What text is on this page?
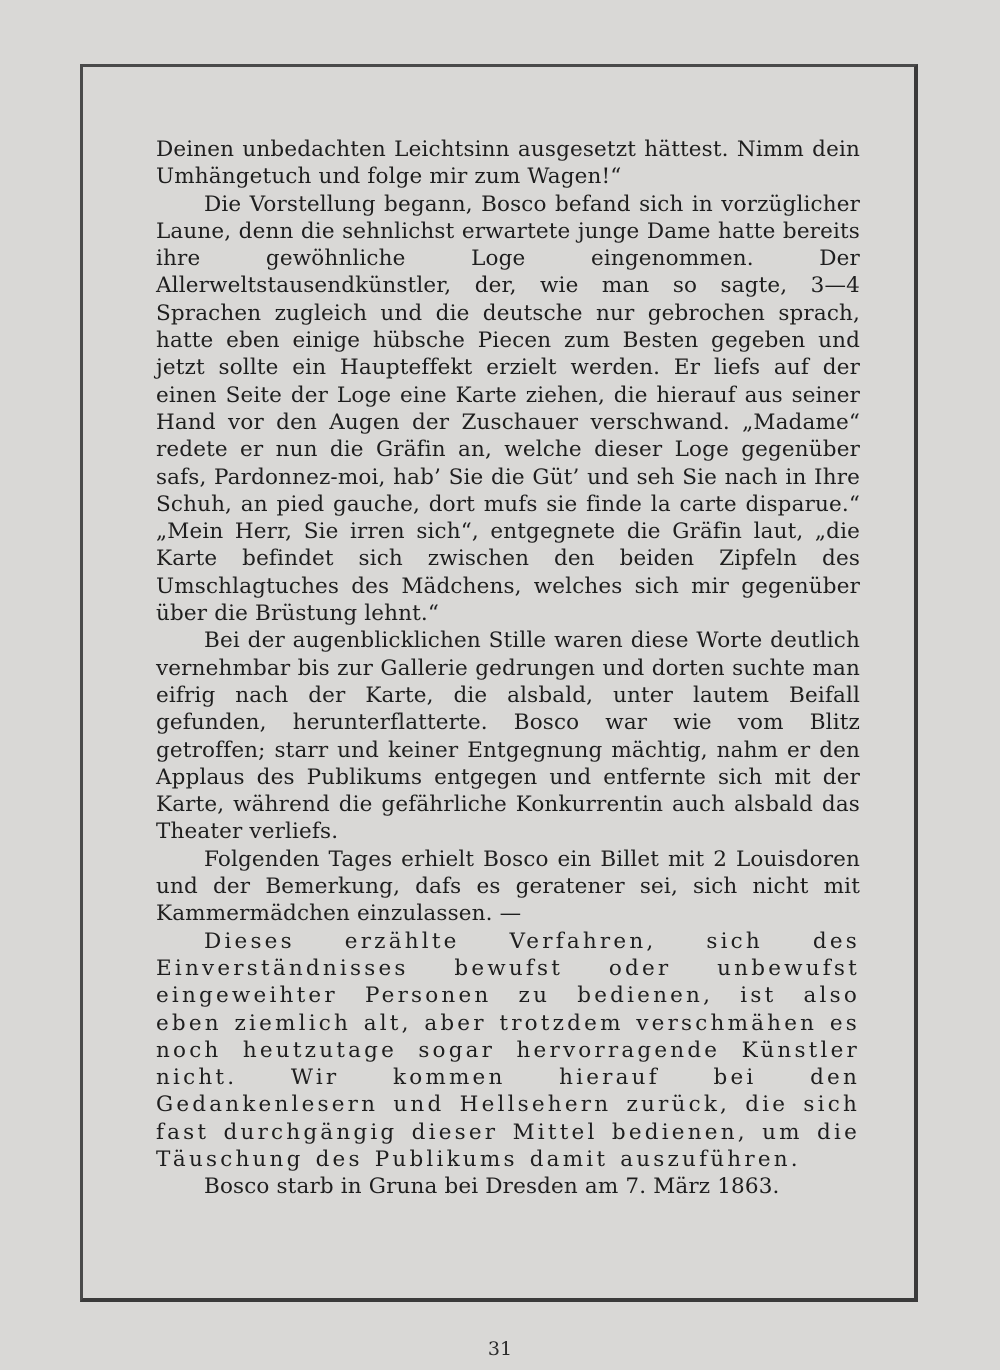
Deinen unbedachten Leichtsinn ausgesetzt hättest. Nimm dein Umhängetuch und folge mir zum Wagen!“

Die Vorstellung begann, Bosco befand sich in vorzüglicher Laune, denn die sehnlichst erwartete junge Dame hatte bereits ihre gewöhnliche Loge eingenommen. Der Allerweltstausendkünstler, der, wie man so sagte, 3—4 Sprachen zugleich und die deutsche nur gebrochen sprach, hatte eben einige hübsche Piecen zum Besten gegeben und jetzt sollte ein Haupteffekt erzielt werden. Er liefs auf der einen Seite der Loge eine Karte ziehen, die hierauf aus seiner Hand vor den Augen der Zuschauer verschwand. „Madame“ redete er nun die Gräfin an, welche dieser Loge gegenüber safs, Pardonnez-moi, hab’ Sie die Güt’ und seh Sie nach in Ihre Schuh, an pied gauche, dort mufs sie finde la carte disparue.“ „Mein Herr, Sie irren sich“, entgegnete die Gräfin laut, „die Karte befindet sich zwischen den beiden Zipfeln des Umschlagtuches des Mädchens, welches sich mir gegenüber über die Brüstung lehnt.“

Bei der augenblicklichen Stille waren diese Worte deutlich vernehmbar bis zur Gallerie gedrungen und dorten suchte man eifrig nach der Karte, die alsbald, unter lautem Beifall gefunden, herunterflatterte. Bosco war wie vom Blitz getroffen; starr und keiner Entgegnung mächtig, nahm er den Applaus des Publikums entgegen und entfernte sich mit der Karte, während die gefährliche Konkurrentin auch alsbald das Theater verliefs.

Folgenden Tages erhielt Bosco ein Billet mit 2 Louisdoren und der Bemerkung, dafs es geratener sei, sich nicht mit Kammermädchen einzulassen. —

Dieses erzählte Verfahren, sich des Einverständnisses bewufst oder unbewufst eingeweihter Personen zu bedienen, ist also eben ziemlich alt, aber trotzdem verschmähen es noch heutzutage sogar hervorragende Künstler nicht. Wir kommen hierauf bei den Gedankenlesern und Hellsehern zurück, die sich fast durchgängig dieser Mittel bedienen, um die Täuschung des Publikums damit auszuführen.

Bosco starb in Gruna bei Dresden am 7. März 1863.

31
